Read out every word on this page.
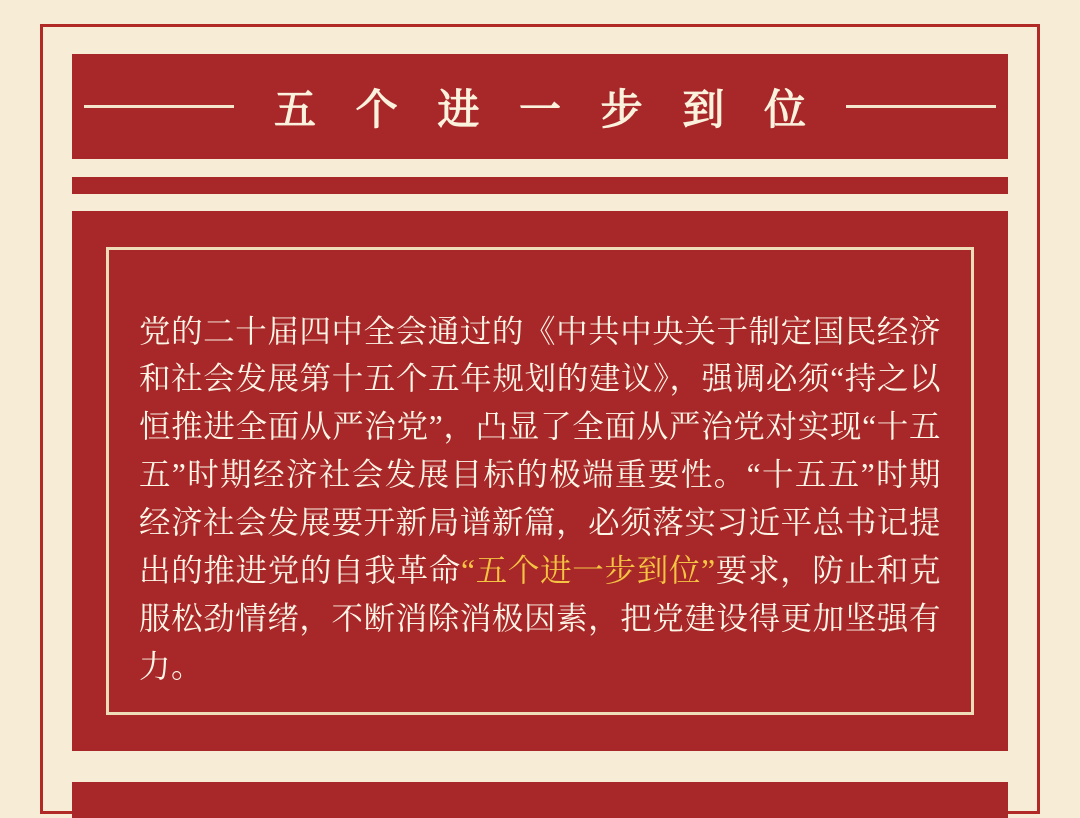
五 个 进 一 步 到 位

党的二十届四中全会通过的《中共中央关于制定国民经济和社会发展第十五个五年规划的建议》，强调必须“持之以恒推进全面从严治党”，凸显了全面从严治党对实现“十五五”时期经济社会发展目标的极端重要性。“十五五”时期经济社会发展要开新局谱新篇，必须落实习近平总书记提出的推进党的自我革命“五个进一步到位”要求，防止和克服松劲情绪，不断消除消极因素，把党建设得更加坚强有力。
